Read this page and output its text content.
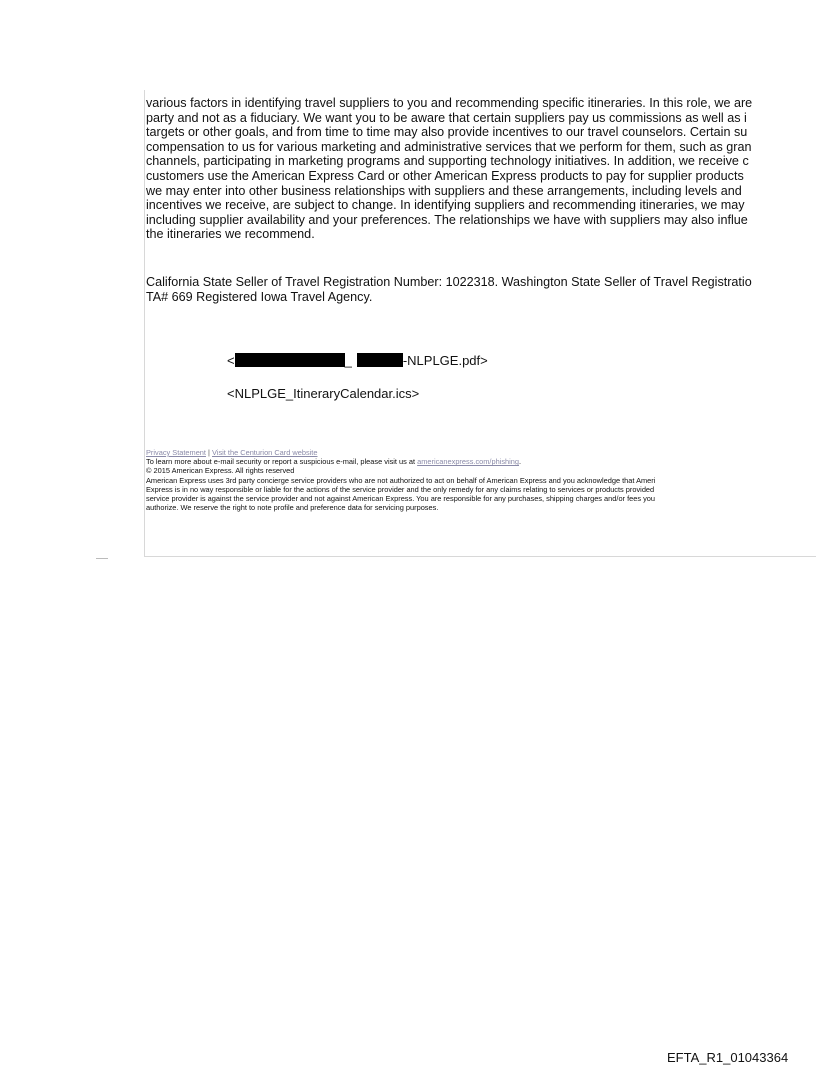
various factors in identifying travel suppliers to you and recommending specific itineraries. In this role, we are
party and not as a fiduciary. We want you to be aware that certain suppliers pay us commissions as well as i
targets or other goals, and from time to time may also provide incentives to our travel counselors. Certain su
compensation to us for various marketing and administrative services that we perform for them, such as gran
channels, participating in marketing programs and supporting technology initiatives. In addition, we receive c
customers use the American Express Card or other American Express products to pay for supplier products
we may enter into other business relationships with suppliers and these arrangements, including levels and
incentives we receive, are subject to change. In identifying suppliers and recommending itineraries, we may
including supplier availability and your preferences. The relationships we have with suppliers may also influe
the itineraries we recommend.
California State Seller of Travel Registration Number: 1022318. Washington State Seller of Travel Registratio
TA# 669 Registered Iowa Travel Agency.
<	_	-NLPLGE.pdf>
<NLPLGE_ItineraryCalendar.ics>
Privacy Statement | Visit the Centurion Card website
To learn more about e-mail security or report a suspicious e-mail, please visit us at americanexpress.com/phishing.
© 2015 American Express. All rights reserved
American Express uses 3rd party concierge service providers who are not authorized to act on behalf of American Express and you acknowledge that Ameri
Express is in no way responsible or liable for the actions of the service provider and the only remedy for any claims relating to services or products provided
service provider is against the service provider and not against American Express. You are responsible for any purchases, shipping charges and/or fees you
authorize. We reserve the right to note profile and preference data for servicing purposes.
EFTA_R1_01043364
